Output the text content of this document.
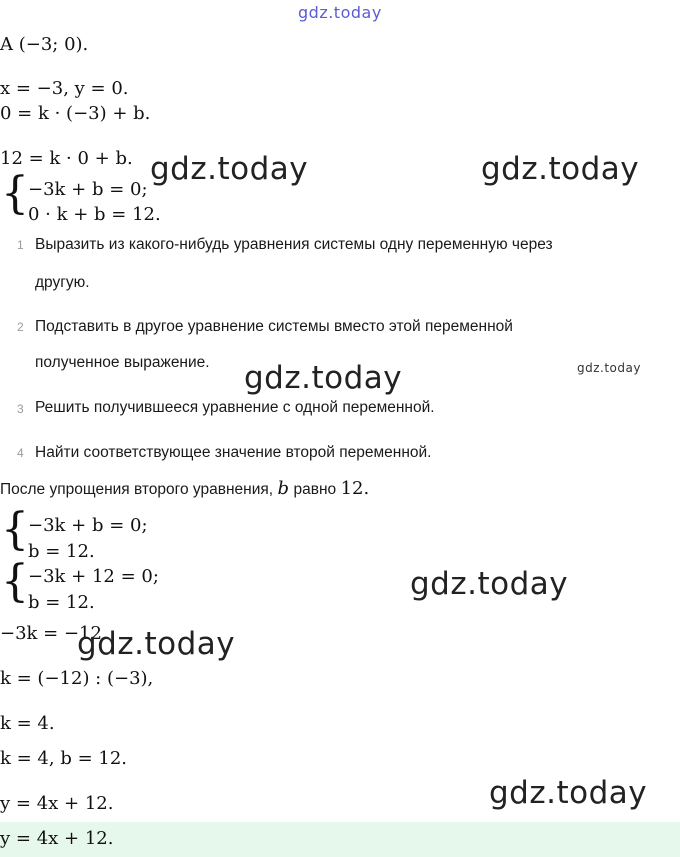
gdz.today
A (−3; 0).
x = −3, y = 0.
0 = k · (−3) + b.
12 = k · 0 + b.
{ −3k + b = 0;
0 · k + b = 12.
gdz.today	gdz.today
1 Выразить из какого-нибудь уравнения системы одну переменную через
другую.
2 Подставить в другое уравнение системы вместо этой переменной
полученное выражение.	gdz.today
gdz.today
3 Решить получившееся уравнение с одной переменной.
4 Найти соответствующее значение второй переменной.
После упрощения второго уравнения, b равно 12.
{ −3k + b = 0;
b = 12.
{ −3k + 12 = 0;
b = 12.
gdz.today
−3k = −12
gdz.today
k = (−12) : (−3),
k = 4.
k = 4, b = 12.
gdz.today
y = 4x + 12.
y = 4x + 12.
